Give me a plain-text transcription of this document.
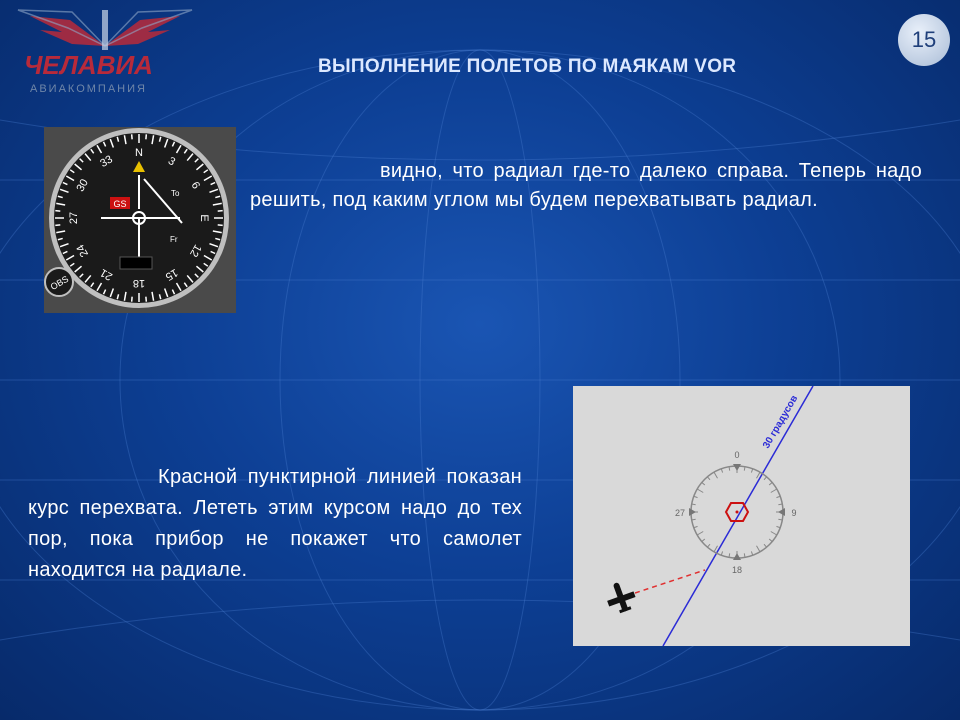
ЧЕЛАВИА
АВИАКОМПАНИЯ
15
ВЫПОЛНЕНИЕ ПОЛЕТОВ ПО МАЯКАМ VOR
3
6
E
12
15
18
21
24
27
30
33
N
GS
To
Fr
OBS
видно, что радиал где-то далеко справа. Теперь надо решить, под каким углом мы будем перехватывать радиал.
Красной пунктирной линией показан курс перехвата. Лететь этим курсом надо до тех пор, пока прибор не покажет что самолет находится на радиале.
30 градусов
0
9
18
27
